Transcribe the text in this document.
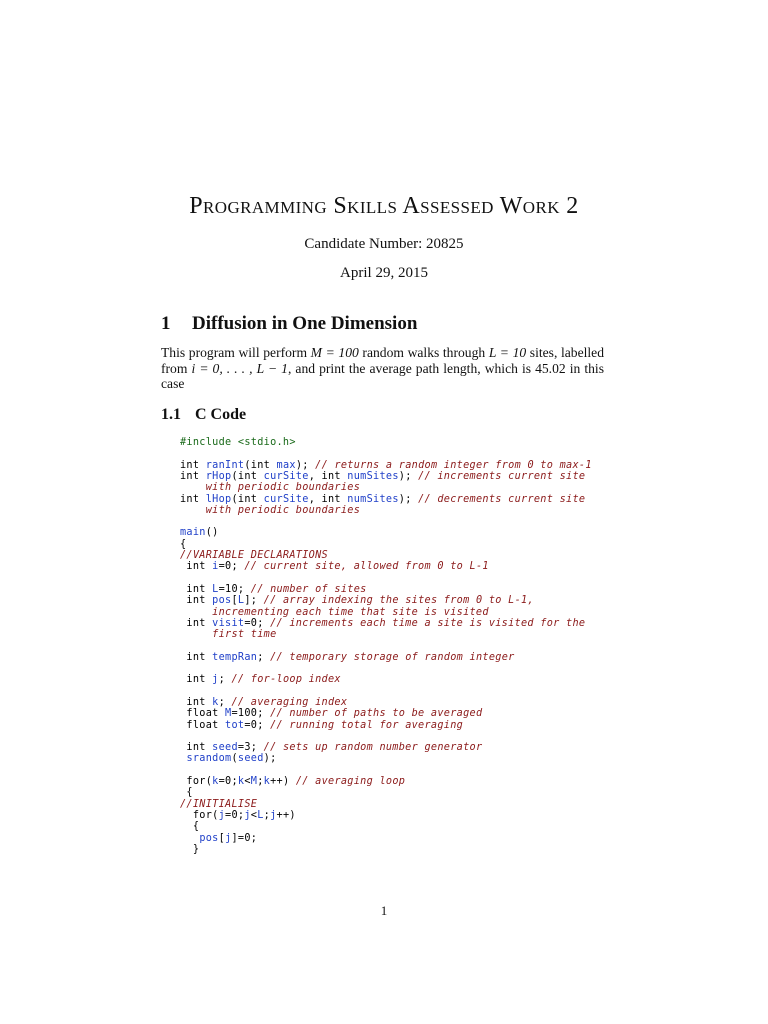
Programming Skills Assessed Work 2
Candidate Number: 20825
April 29, 2015
1 Diffusion in One Dimension
This program will perform M = 100 random walks through L = 10 sites, labelled from i = 0, . . . , L − 1, and print the average path length, which is 45.02 in this case
1.1 C Code
#include <stdio.h>
int ranInt(int max); // returns a random integer from 0 to max-1
int rHop(int curSite, int numSites); // increments current site
with periodic boundaries
int lHop(int curSite, int numSites); // decrements current site
with periodic boundaries
main()
{
//VARIABLE DECLARATIONS
int i=0; // current site, allowed from 0 to L-1
int L=10; // number of sites
int pos[L]; // array indexing the sites from 0 to L-1,
incrementing each time that site is visited
int visit=0; // increments each time a site is visited for the
first time
int tempRan; // temporary storage of random integer
int j; // for-loop index
int k; // averaging index
float M=100; // number of paths to be averaged
float tot=0; // running total for averaging
int seed=3; // sets up random number generator
srandom(seed);
for(k=0;k<M;k++) // averaging loop
{
//INITIALISE
for(j=0;j<L;j++)
{
pos[j]=0;
}
1
